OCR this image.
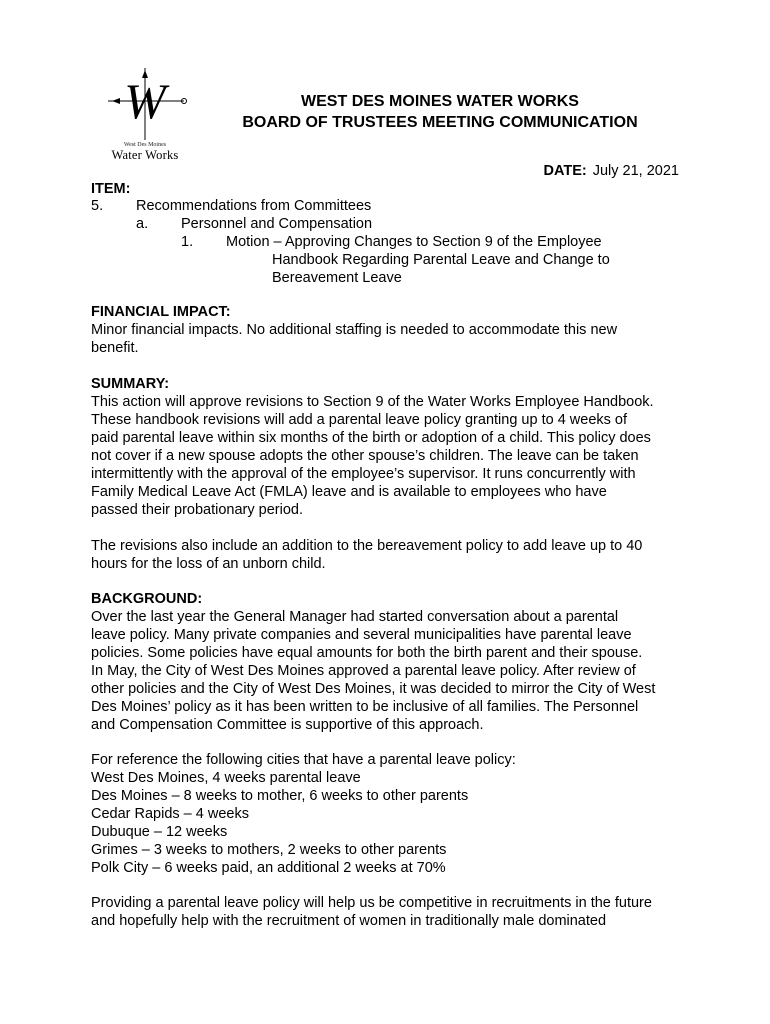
W
West Des Moines
Water Works
WEST DES MOINES WATER WORKS
BOARD OF TRUSTEES MEETING COMMUNICATION
DATE: July 21, 2021
ITEM:
5. Recommendations from Committees
a. Personnel and Compensation
1. Motion – Approving Changes to Section 9 of the Employee
Handbook Regarding Parental Leave and Change to
Bereavement Leave
FINANCIAL IMPACT:
Minor financial impacts. No additional staffing is needed to accommodate this new
benefit.
SUMMARY:
This action will approve revisions to Section 9 of the Water Works Employee Handbook.
These handbook revisions will add a parental leave policy granting up to 4 weeks of
paid parental leave within six months of the birth or adoption of a child. This policy does
not cover if a new spouse adopts the other spouse’s children. The leave can be taken
intermittently with the approval of the employee’s supervisor. It runs concurrently with
Family Medical Leave Act (FMLA) leave and is available to employees who have
passed their probationary period.
The revisions also include an addition to the bereavement policy to add leave up to 40
hours for the loss of an unborn child.
BACKGROUND:
Over the last year the General Manager had started conversation about a parental
leave policy. Many private companies and several municipalities have parental leave
policies. Some policies have equal amounts for both the birth parent and their spouse.
In May, the City of West Des Moines approved a parental leave policy. After review of
other policies and the City of West Des Moines, it was decided to mirror the City of West
Des Moines’ policy as it has been written to be inclusive of all families. The Personnel
and Compensation Committee is supportive of this approach.
For reference the following cities that have a parental leave policy:
West Des Moines, 4 weeks parental leave
Des Moines – 8 weeks to mother, 6 weeks to other parents
Cedar Rapids – 4 weeks
Dubuque – 12 weeks
Grimes – 3 weeks to mothers, 2 weeks to other parents
Polk City – 6 weeks paid, an additional 2 weeks at 70%
Providing a parental leave policy will help us be competitive in recruitments in the future
and hopefully help with the recruitment of women in traditionally male dominated
